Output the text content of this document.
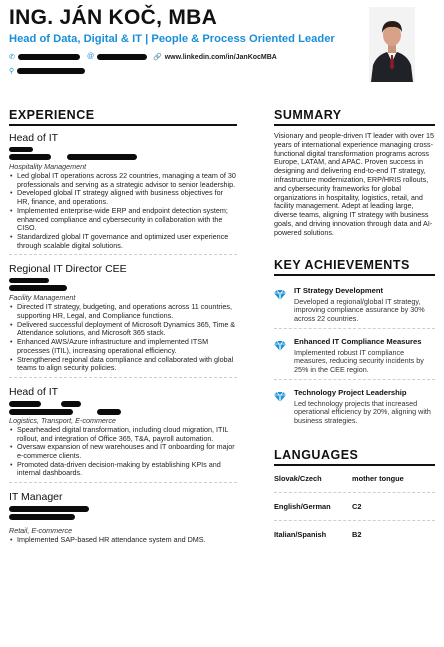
ING. JÁN KOČ, MBA
Head of Data, Digital & IT | People & Process Oriented Leader
✆	@	🔗 www.linkedin.com/in/JanKocMBA
⚲
EXPERIENCE
Head of IT
Hospitality Management
• Led global IT operations across 22 countries, managing a team of 30 professionals and serving as a strategic advisor to senior leadership.
• Developed global IT strategy aligned with business objectives for HR, finance, and operations.
• Implemented enterprise-wide ERP and endpoint detection system; enhanced compliance and cybersecurity in collaboration with the CISO.
• Standardized global IT governance and optimized user experience through scalable digital solutions.
Regional IT Director CEE
Facility Management
• Directed IT strategy, budgeting, and operations across 11 countries, supporting HR, Legal, and Compliance functions.
• Delivered successful deployment of Microsoft Dynamics 365, Time & Attendance solutions, and Microsoft 365 stack.
• Enhanced AWS/Azure infrastructure and implemented ITSM processes (ITIL), increasing operational efficiency.
• Strengthened regional data compliance and collaborated with global teams to align security policies.
Head of IT
Logistics, Transport, E-commerce
• Spearheaded digital transformation, including cloud migration, ITIL rollout, and integration of Office 365, T&A, payroll automation.
• Oversaw expansion of new warehouses and IT onboarding for major e-commerce clients.
• Promoted data-driven decision-making by establishing KPIs and internal dashboards.
IT Manager
Retail, E-commerce
• Implemented SAP-based HR attendance system and DMS.
SUMMARY
Visionary and people-driven IT leader with over 15 years of international experience managing cross-functional digital transformation programs across Europe, LATAM, and APAC. Proven success in designing and delivering end-to-end IT strategy, infrastructure modernization, ERP/HRIS rollouts, and cybersecurity frameworks for global organizations in hospitality, logistics, retail, and facility management. Adept at leading large, diverse teams, aligning IT strategy with business goals, and driving innovation through data and AI-powered solutions.
KEY ACHIEVEMENTS
IT Strategy Development
Developed a regional/global IT strategy, improving compliance assurance by 30% across 22 countries.
Enhanced IT Compliance Measures
Implemented robust IT compliance measures, reducing security incidents by 25% in the CEE region.
Technology Project Leadership
Led technology projects that increased operational efficiency by 20%, aligning with business strategies.
LANGUAGES
Slovak/Czech	mother tongue
English/German	C2
Italian/Spanish	B2
